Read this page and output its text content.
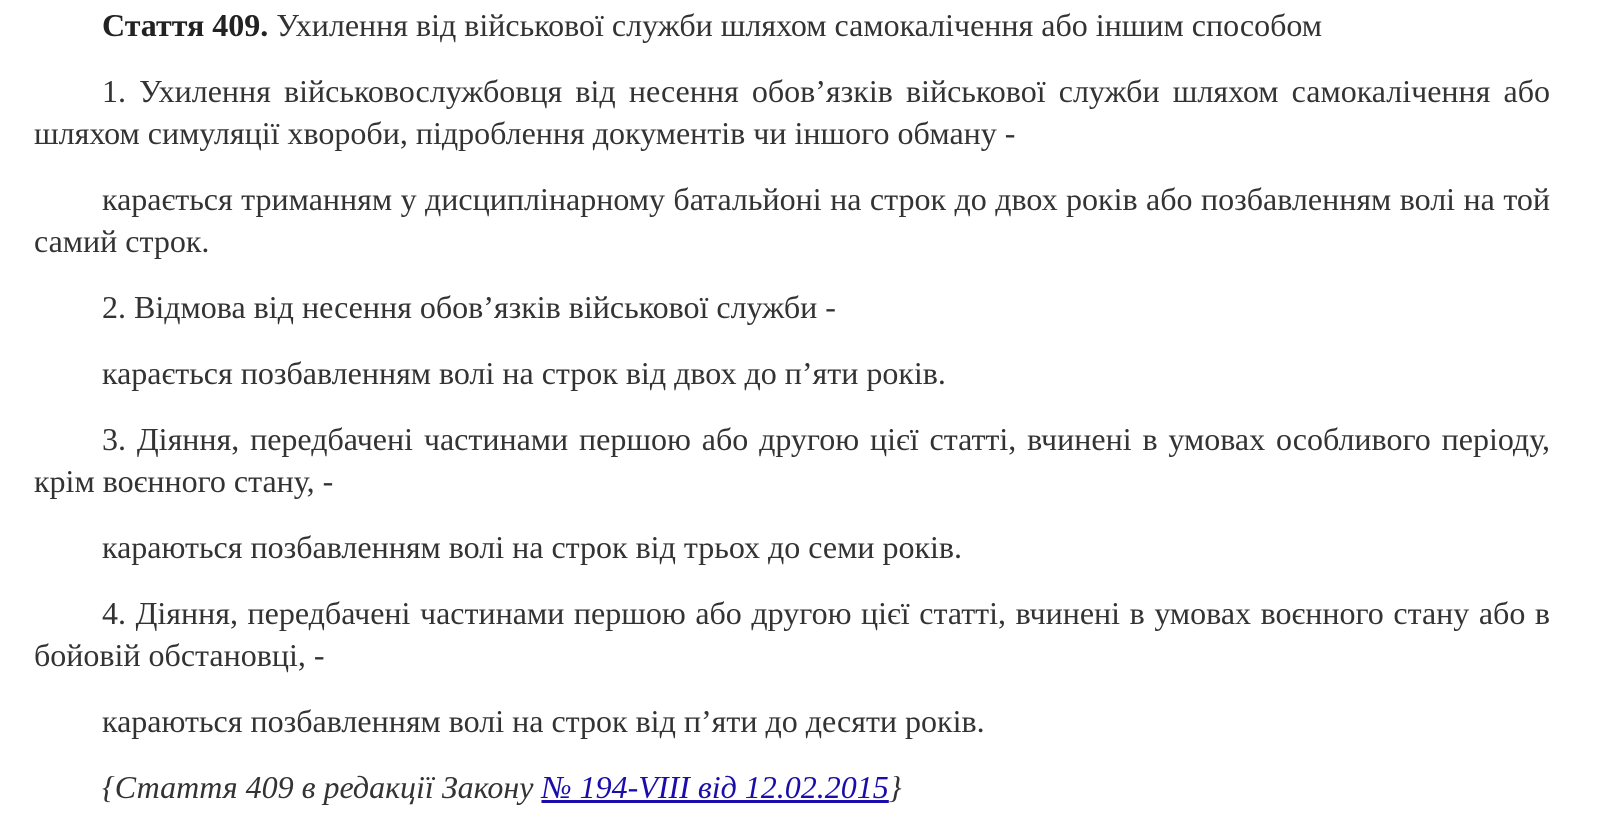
Стаття 409. Ухилення від військової служби шляхом самокалічення або іншим способом

1. Ухилення військовослужбовця від несення обов’язків військової служби шляхом самокалічення або шляхом симуляції хвороби, підроблення документів чи іншого обману -

карається триманням у дисциплінарному батальйоні на строк до двох років або позбавленням волі на той самий строк.

2. Відмова від несення обов’язків військової служби -

карається позбавленням волі на строк від двох до п’яти років.

3. Діяння, передбачені частинами першою або другою цієї статті, вчинені в умовах особливого періоду, крім воєнного стану, -

караються позбавленням волі на строк від трьох до семи років.

4. Діяння, передбачені частинами першою або другою цієї статті, вчинені в умовах воєнного стану або в бойовій обстановці, -

караються позбавленням волі на строк від п’яти до десяти років.

{Стаття 409 в редакції Закону № 194-VIII від 12.02.2015}
